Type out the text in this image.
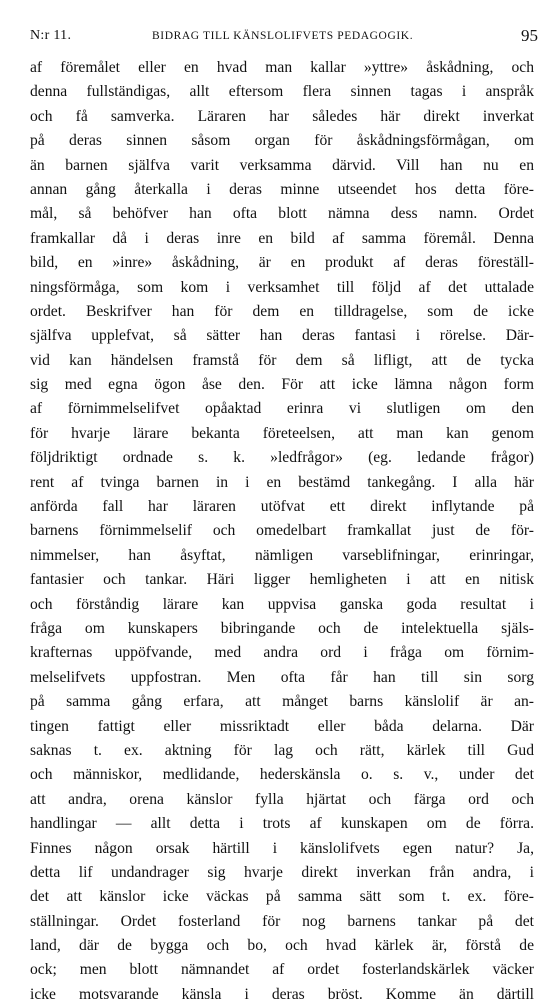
N:r 11.	BIDRAG TILL KÄNSLOLIFVETS PEDAGOGIK.	95
af föremålet eller en hvad man kallar »yttre» åskådning, och
denna fullständigas, allt eftersom flera sinnen tagas i anspråk
och få samverka. Läraren har således här direkt inverkat
på deras sinnen såsom organ för åskådningsförmågan, om
än barnen själfva varit verksamma därvid. Vill han nu en
annan gång återkalla i deras minne utseendet hos detta före-
mål, så behöfver han ofta blott nämna dess namn. Ordet
framkallar då i deras inre en bild af samma föremål. Denna
bild, en »inre» åskådning, är en produkt af deras föreställ-
ningsförmåga, som kom i verksamhet till följd af det uttalade
ordet. Beskrifver han för dem en tilldragelse, som de icke
själfva upplefvat, så sätter han deras fantasi i rörelse. Där-
vid kan händelsen framstå för dem så lifligt, att de tycka
sig med egna ögon åse den. För att icke lämna någon form
af förnimmelselifvet opåaktad erinra vi slutligen om den
för hvarje lärare bekanta företeelsen, att man kan genom
följdriktigt ordnade s. k. »ledfrågor» (eg. ledande frågor)
rent af tvinga barnen in i en bestämd tankegång. I alla här
anförda fall har läraren utöfvat ett direkt inflytande på
barnens förnimmelselif och omedelbart framkallat just de för-
nimmelser, han åsyftat, nämligen varseblifningar, erinringar,
fantasier och tankar. Häri ligger hemligheten i att en nitisk
och förståndig lärare kan uppvisa ganska goda resultat i
fråga om kunskapers bibringande och de intelektuella själs-
krafternas uppöfvande, med andra ord i fråga om förnim-
melselifvets uppfostran. Men ofta får han till sin sorg
på samma gång erfara, att månget barns känslolif är an-
tingen fattigt eller missriktadt eller båda delarna. Där
saknas t. ex. aktning för lag och rätt, kärlek till Gud
och människor, medlidande, hederskänsla o. s. v., under det
att andra, orena känslor fylla hjärtat och färga ord och
handlingar — allt detta i trots af kunskapen om de förra.
Finnes någon orsak härtill i känslolifvets egen natur? Ja,
detta lif undandrager sig hvarje direkt inverkan från andra, i
det att känslor icke väckas på samma sätt som t. ex. före-
ställningar. Ordet fosterland för nog barnens tankar på det
land, där de bygga och bo, och hvad kärlek är, förstå de
ock; men blott nämnandet af ordet fosterlandskärlek väcker
icke motsvarande känsla i deras bröst. Komme än därtill
